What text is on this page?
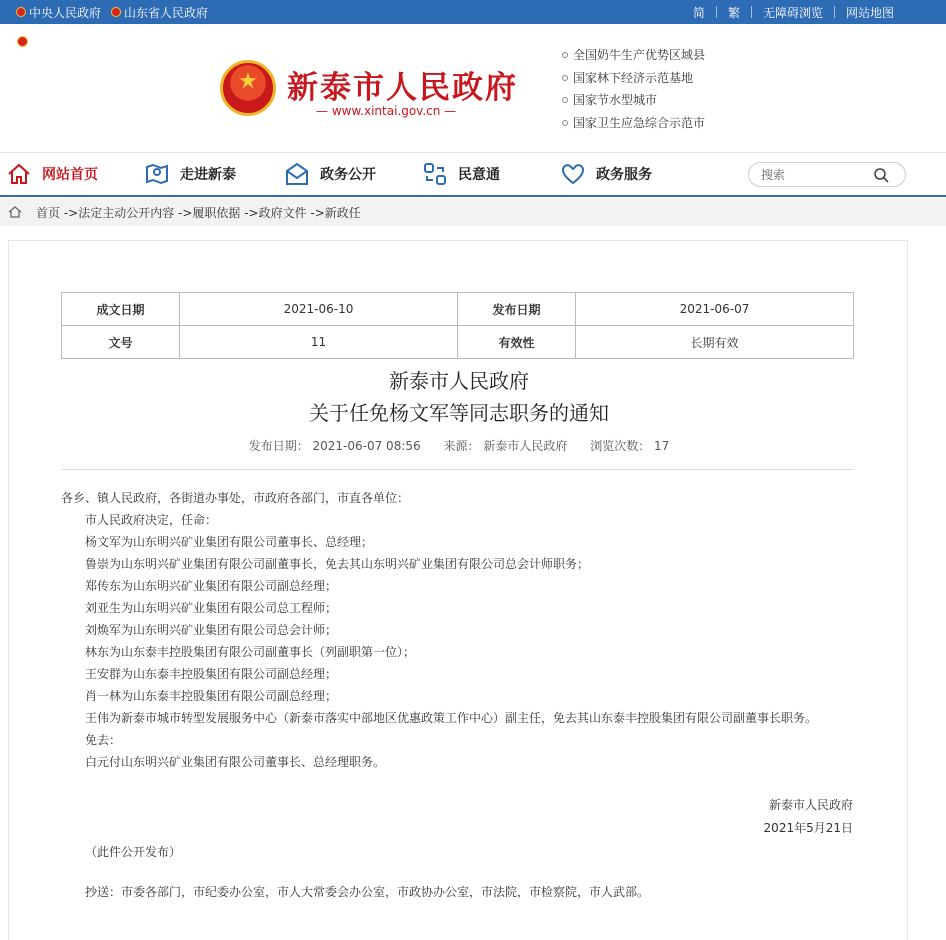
中央人民政府 山东省人民政府	简 繁 无障碍浏览 网站地图
★
新泰市人民政府
— www.xintai.gov.cn —
全国奶牛生产优势区域县
国家林下经济示范基地
国家节水型城市
国家卫生应急综合示范市
网站首页	走进新泰	政务公开	民意通	政务服务
搜索
首页 ->法定主动公开内容 ->履职依据 ->政府文件 ->新政任
成文日期	2021-06-10	发布日期	2021-06-07
文号	11	有效性	长期有效
新泰市人民政府
关于任免杨文军等同志职务的通知
发布日期： 2021-06-07 08:56      来源： 新泰市人民政府      浏览次数： 17

各乡、镇人民政府，各街道办事处，市政府各部门，市直各单位：

市人民政府决定，任命：

杨文军为山东明兴矿业集团有限公司董事长、总经理；

鲁崇为山东明兴矿业集团有限公司副董事长，免去其山东明兴矿业集团有限公司总会计师职务；

郑传东为山东明兴矿业集团有限公司副总经理；

刘亚生为山东明兴矿业集团有限公司总工程师；

刘焕军为山东明兴矿业集团有限公司总会计师；

林东为山东泰丰控股集团有限公司副董事长（列副职第一位）；

王安群为山东泰丰控股集团有限公司副总经理；

肖一林为山东泰丰控股集团有限公司副总经理；

王伟为新泰市城市转型发展服务中心（新泰市落实中部地区优惠政策工作中心）副主任，免去其山东泰丰控股集团有限公司副董事长职务。

免去：

白元付山东明兴矿业集团有限公司董事长、总经理职务。

新泰市人民政府
2021年5月21日

（此件公开发布）

抄送：市委各部门，市纪委办公室，市人大常委会办公室，市政协办公室，市法院，市检察院，市人武部。
